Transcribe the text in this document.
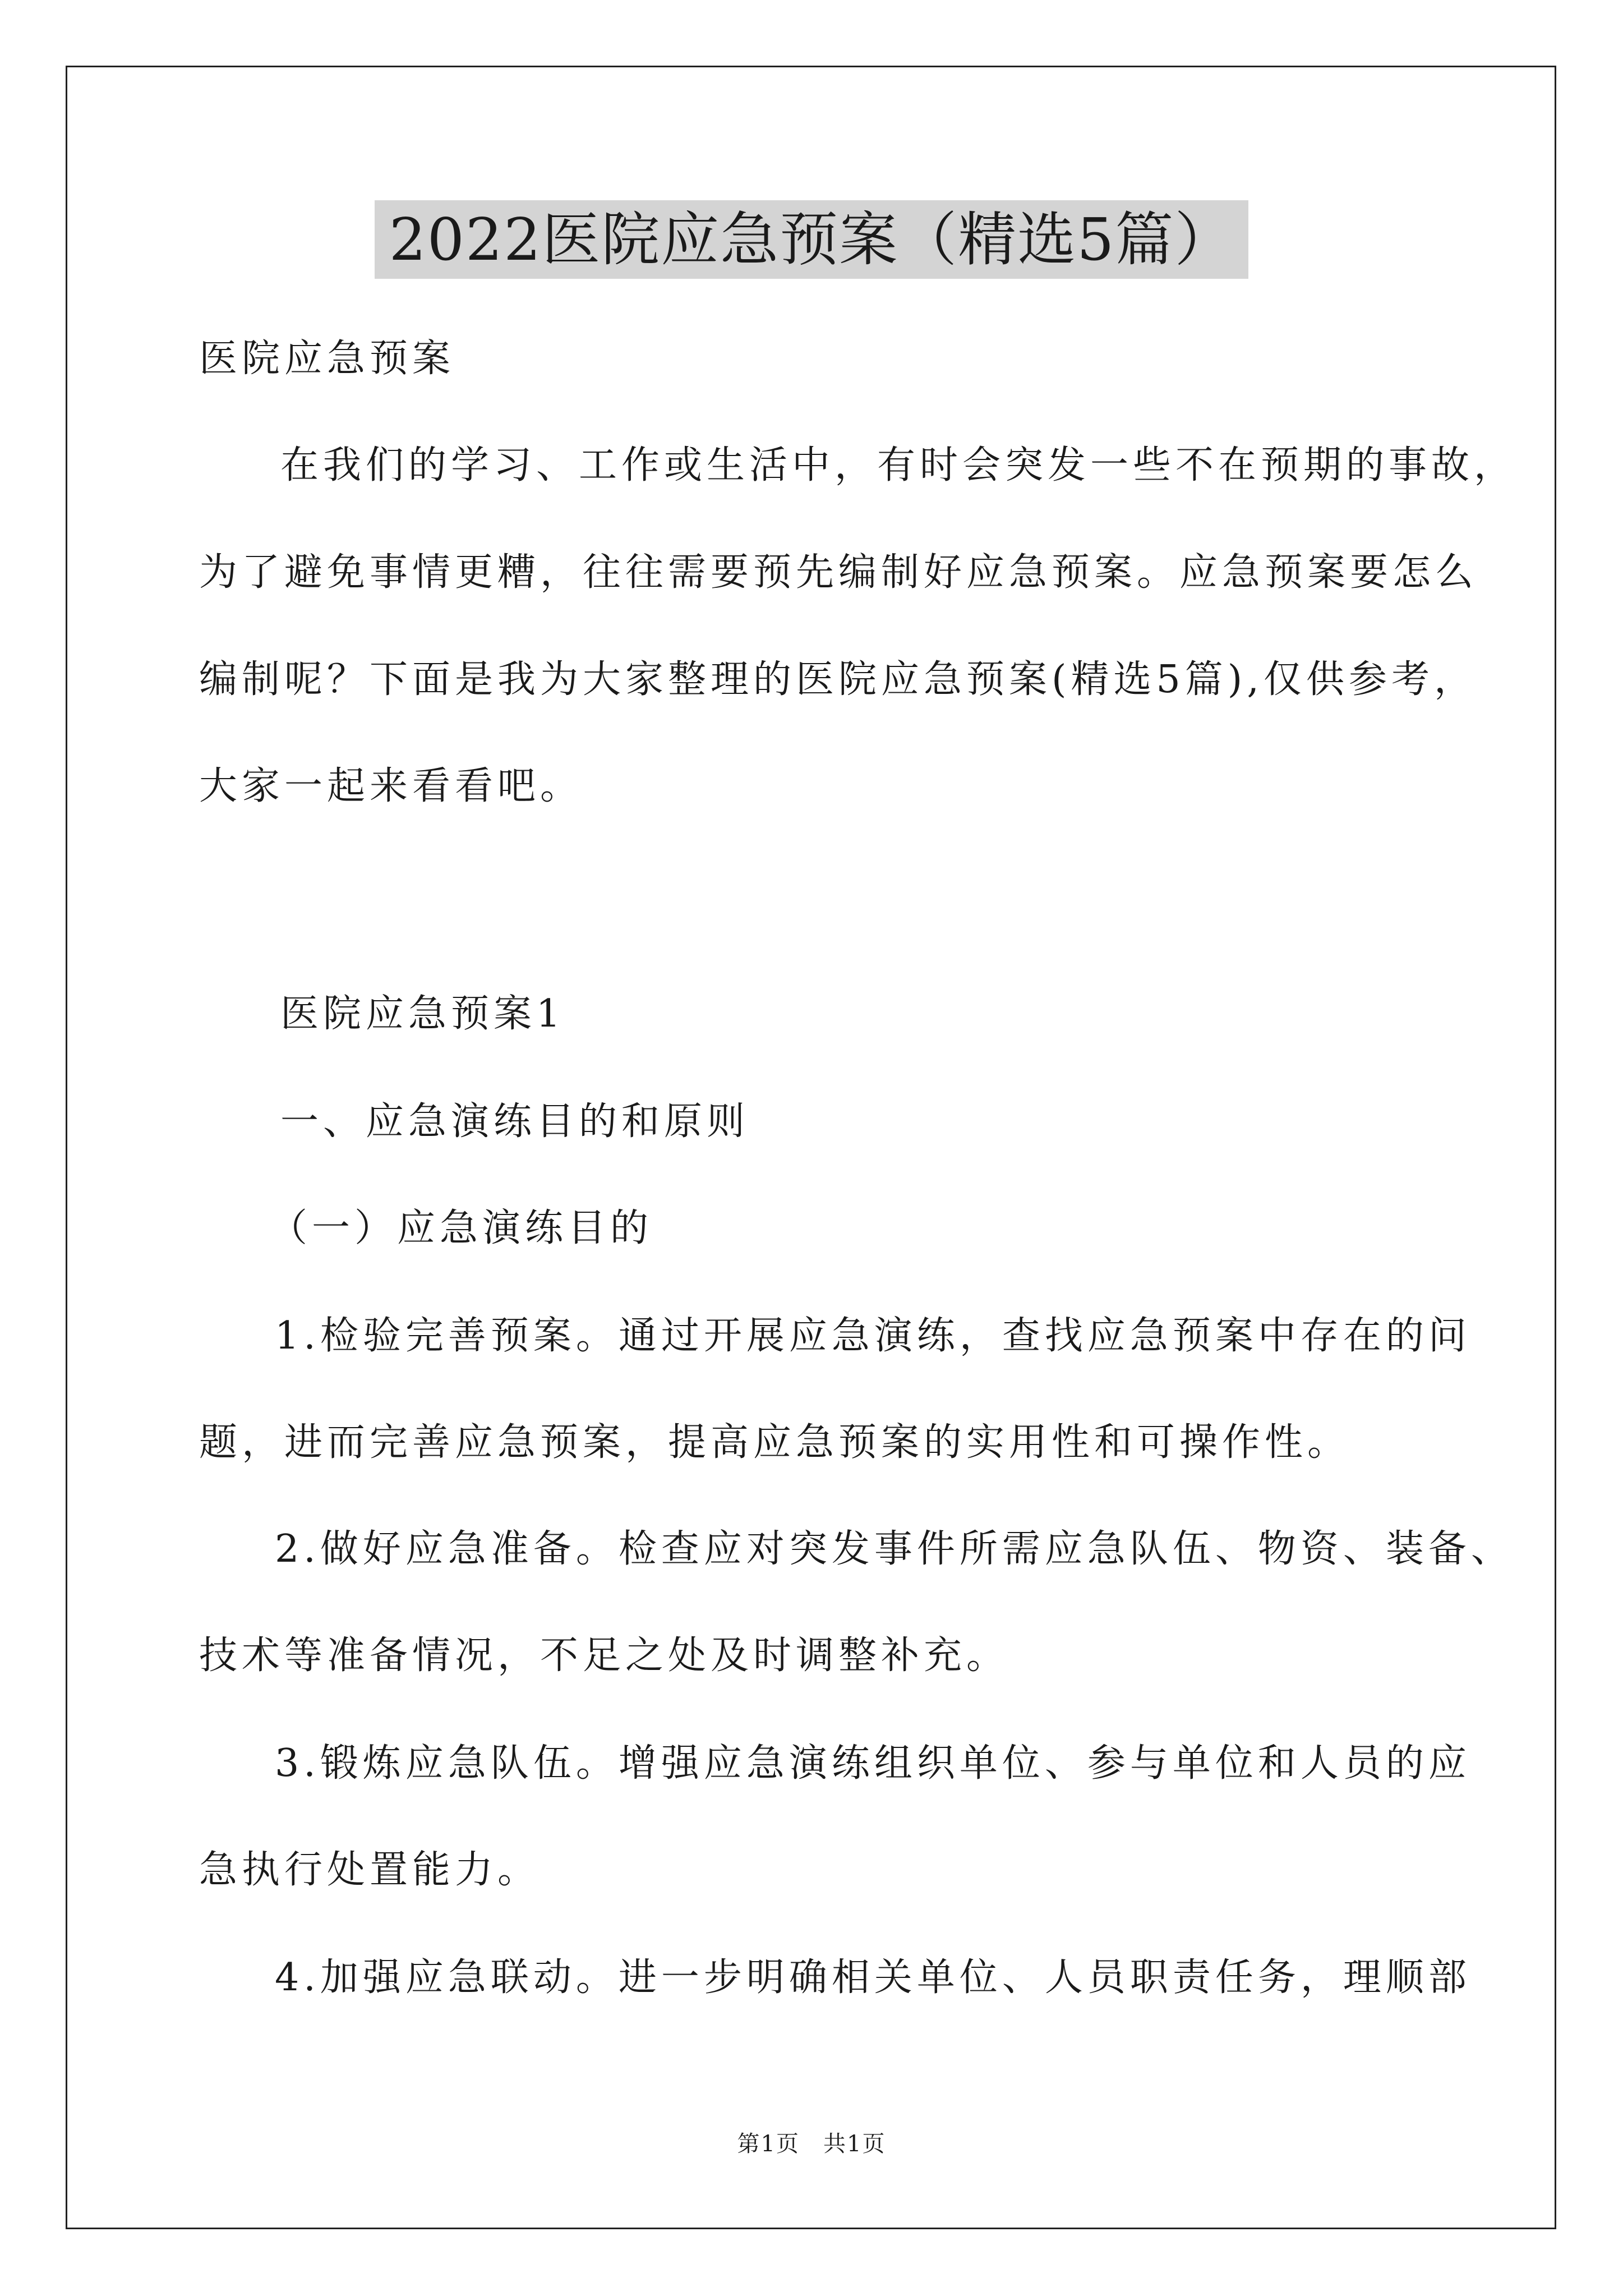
2022医院应急预案（精选5篇）
医院应急预案
在我们的学习、工作或生活中，有时会突发一些不在预期的事故，
为了避免事情更糟，往往需要预先编制好应急预案。应急预案要怎么
编制呢？下面是我为大家整理的医院应急预案(精选5篇),仅供参考，
大家一起来看看吧。
医院应急预案1
一、应急演练目的和原则
（一）应急演练目的
1.检验完善预案。通过开展应急演练，查找应急预案中存在的问
题，进而完善应急预案，提高应急预案的实用性和可操作性。
2.做好应急准备。检查应对突发事件所需应急队伍、物资、装备、
技术等准备情况，不足之处及时调整补充。
3.锻炼应急队伍。增强应急演练组织单位、参与单位和人员的应
急执行处置能力。
4.加强应急联动。进一步明确相关单位、人员职责任务，理顺部
第1页　共1页
